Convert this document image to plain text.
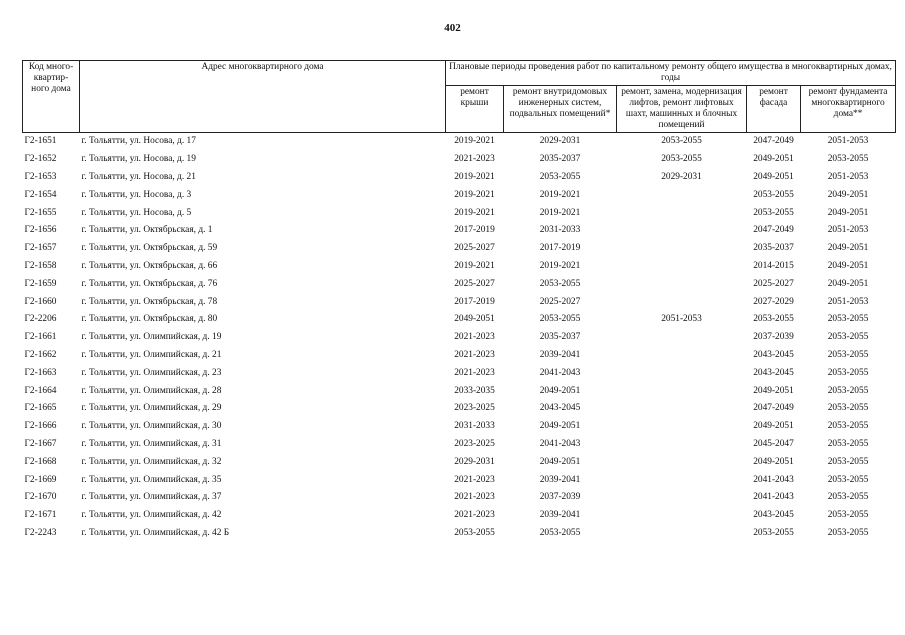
402
Код много-квартир-ного дома	Адрес многоквартирного дома	Плановые периоды проведения работ по капитальному ремонту общего имущества в многоквартирных домах, годы				
		ремонт крыши	ремонт внутридомовых инженерных систем, подвальных помещений*	ремонт, замена, модернизация лифтов, ремонт лифтовых шахт, машинных и блочных помещений	ремонт фасада	ремонт фундамента многоквартирного дома**
Г2-1651	г. Тольятти, ул. Носова, д. 17	2019-2021	2029-2031	2053-2055	2047-2049	2051-2053
Г2-1652	г. Тольятти, ул. Носова, д. 19	2021-2023	2035-2037	2053-2055	2049-2051	2053-2055
Г2-1653	г. Тольятти, ул. Носова, д. 21	2019-2021	2053-2055	2029-2031	2049-2051	2051-2053
Г2-1654	г. Тольятти, ул. Носова, д. 3	2019-2021	2019-2021		2053-2055	2049-2051
Г2-1655	г. Тольятти, ул. Носова, д. 5	2019-2021	2019-2021		2053-2055	2049-2051
Г2-1656	г. Тольятти, ул. Октябрьская, д. 1	2017-2019	2031-2033		2047-2049	2051-2053
Г2-1657	г. Тольятти, ул. Октябрьская, д. 59	2025-2027	2017-2019		2035-2037	2049-2051
Г2-1658	г. Тольятти, ул. Октябрьская, д. 66	2019-2021	2019-2021		2014-2015	2049-2051
Г2-1659	г. Тольятти, ул. Октябрьская, д. 76	2025-2027	2053-2055		2025-2027	2049-2051
Г2-1660	г. Тольятти, ул. Октябрьская, д. 78	2017-2019	2025-2027		2027-2029	2051-2053
Г2-2206	г. Тольятти, ул. Октябрьская, д. 80	2049-2051	2053-2055	2051-2053	2053-2055	2053-2055
Г2-1661	г. Тольятти, ул. Олимпийская, д. 19	2021-2023	2035-2037		2037-2039	2053-2055
Г2-1662	г. Тольятти, ул. Олимпийская, д. 21	2021-2023	2039-2041		2043-2045	2053-2055
Г2-1663	г. Тольятти, ул. Олимпийская, д. 23	2021-2023	2041-2043		2043-2045	2053-2055
Г2-1664	г. Тольятти, ул. Олимпийская, д. 28	2033-2035	2049-2051		2049-2051	2053-2055
Г2-1665	г. Тольятти, ул. Олимпийская, д. 29	2023-2025	2043-2045		2047-2049	2053-2055
Г2-1666	г. Тольятти, ул. Олимпийская, д. 30	2031-2033	2049-2051		2049-2051	2053-2055
Г2-1667	г. Тольятти, ул. Олимпийская, д. 31	2023-2025	2041-2043		2045-2047	2053-2055
Г2-1668	г. Тольятти, ул. Олимпийская, д. 32	2029-2031	2049-2051		2049-2051	2053-2055
Г2-1669	г. Тольятти, ул. Олимпийская, д. 35	2021-2023	2039-2041		2041-2043	2053-2055
Г2-1670	г. Тольятти, ул. Олимпийская, д. 37	2021-2023	2037-2039		2041-2043	2053-2055
Г2-1671	г. Тольятти, ул. Олимпийская, д. 42	2021-2023	2039-2041		2043-2045	2053-2055
Г2-2243	г. Тольятти, ул. Олимпийская, д. 42 Б	2053-2055	2053-2055		2053-2055	2053-2055
